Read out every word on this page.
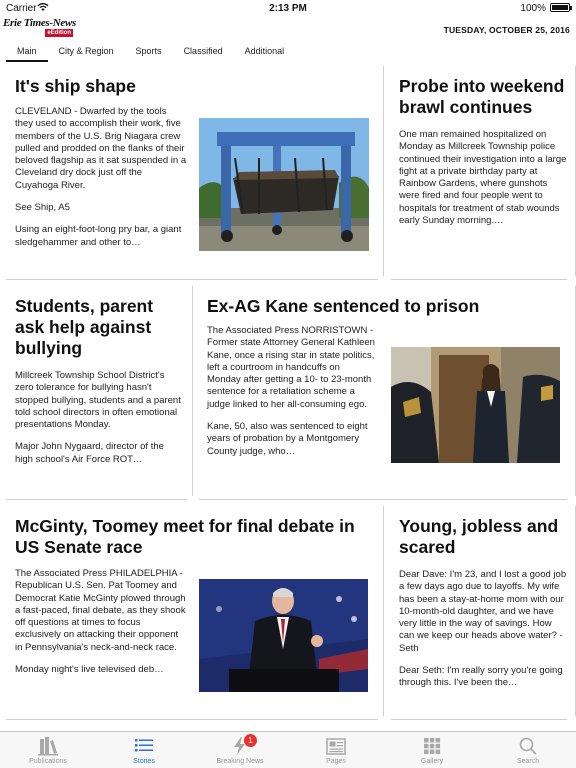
Carrier	2:13 PM	100%
Erie Times-News
eEdition	TUESDAY, OCTOBER 25, 2016
Main	City & Region	Sports	Classified	Additional
It's ship shape

CLEVELAND - Dwarfed by the tools they used to accomplish their work, five members of the U.S. Brig Niagara crew pulled and prodded on the flanks of their beloved flagship as it sat suspended in a Cleveland dry dock just off the Cuyahoga River.

See Ship, A5

Using an eight-foot-long pry bar, a giant sledgehammer and other to…

Probe into weekend brawl continues

One man remained hospitalized on Monday as Millcreek Township police continued their investigation into a large fight at a private birthday party at Rainbow Gardens, where gunshots were fired and four people went to hospitals for treatment of stab wounds early Sunday morning.…

Students, parent ask help against bullying

Millcreek Township School District's zero tolerance for bullying hasn't stopped bullying, students and a parent told school directors in often emotional presentations Monday.

Major John Nygaard, director of the high school's Air Force ROT…

Ex-AG Kane sentenced to prison

The Associated Press NORRISTOWN - Former state Attorney General Kathleen Kane, once a rising star in state politics, left a courtroom in handcuffs on Monday after getting a 10- to 23-month sentence for a retaliation scheme a judge linked to her all-consuming ego.

Kane, 50, also was sentenced to eight years of probation by a Montgomery County judge, who…

McGinty, Toomey meet for final debate in US Senate race

The Associated Press PHILADELPHIA - Republican U.S. Sen. Pat Toomey and Democrat Katie McGinty plowed through a fast-paced, final debate, as they shook off questions at times to focus exclusively on attacking their opponent in Pennsylvania's neck-and-neck race.

Monday night's live televised deb…

Young, jobless and scared

Dear Dave: I'm 23, and I lost a good job a few days ago due to layoffs. My wife has been a stay-at-home mom with our 10-month-old daughter, and we have very little in the way of savings. How can we keep our heads above water? - Seth

Dear Seth: I'm really sorry you're going through this. I've been the…

Publications	Stories
1
Breaking News	Pages	Gallery	Search
